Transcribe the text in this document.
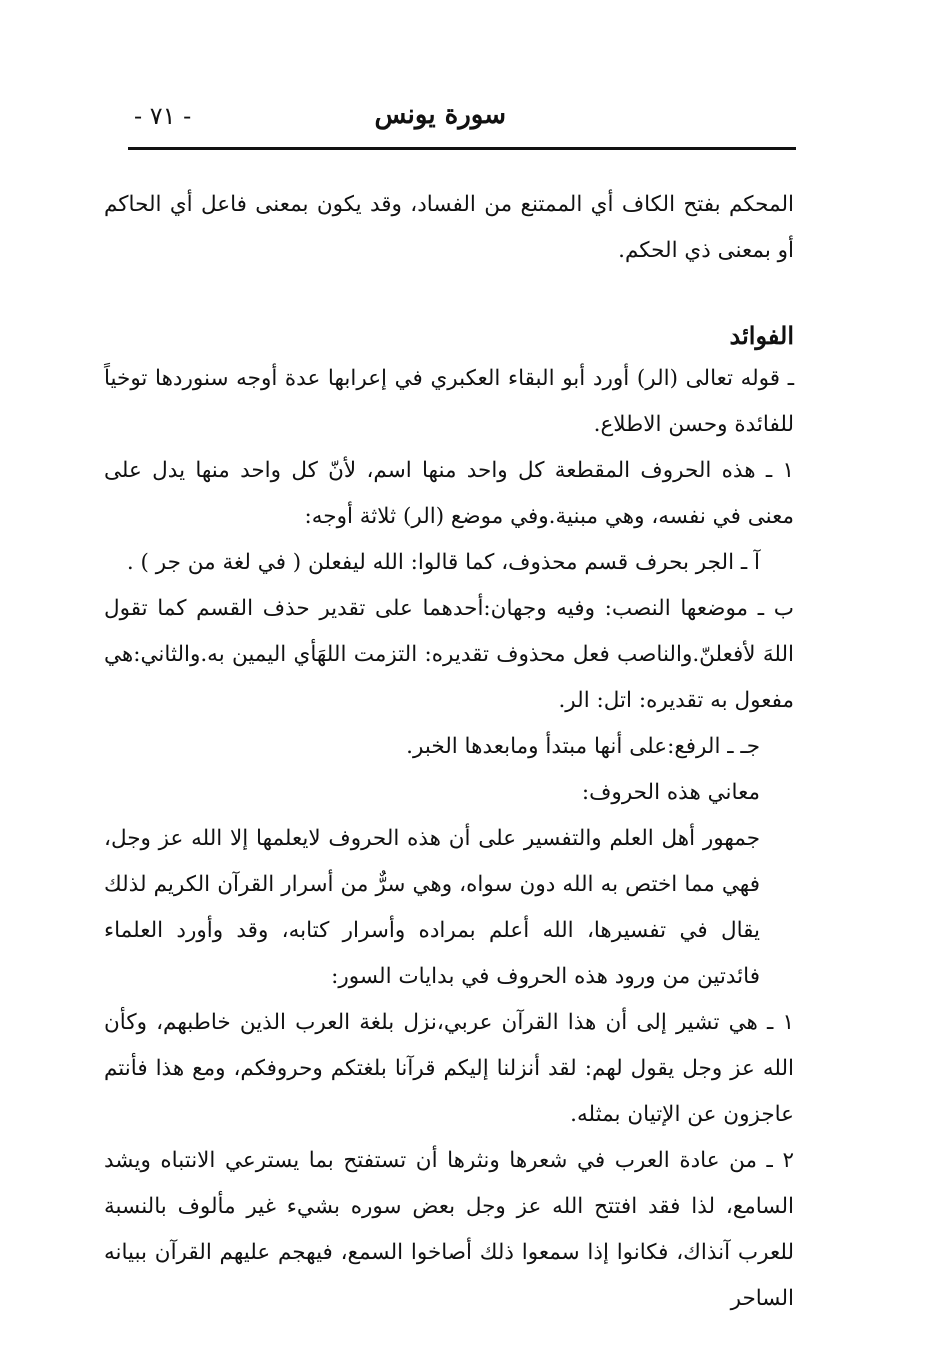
سورة يونس
- ٧١ -

المحكم بفتح الكاف أي الممتنع من الفساد، وقد يكون بمعنى فاعل أي الحاكم أو بمعنى ذي الحكم.

الفوائد

ـ قوله تعالى (الر) أورد أبو البقاء العكبري في إعرابها عدة أوجه سنوردها توخياً للفائدة وحسن الاطلاع.

١ ـ هذه الحروف المقطعة كل واحد منها اسم، لأنّ كل واحد منها يدل على معنى في نفسه، وهي مبنية.وفي موضع (الر) ثلاثة أوجه:

آ ـ الجر بحرف قسم محذوف، كما قالوا: الله ليفعلن ( في لغة من جر ) .

ب ـ موضعها النصب: وفيه وجهان:أحدهما على تقدير حذف القسم كما تقول اللهَ لأفعلنّ.والناصب فعل محذوف تقديره: التزمت اللهَأي اليمين به.والثاني:هي مفعول به تقديره: اتل: الر.

جـ ـ الرفع:على أنها مبتدأ ومابعدها الخبر.

معاني هذه الحروف:

جمهور أهل العلم والتفسير على أن هذه الحروف لايعلمها إلا الله عز وجل، فهي مما اختص به الله دون سواه، وهي سرٌّ من أسرار القرآن الكريم لذلك يقال في تفسيرها، الله أعلم بمراده وأسرار كتابه، وقد وأورد العلماء فائدتين من ورود هذه الحروف في بدايات السور:

١ ـ هي تشير إلى أن هذا القرآن عربي،نزل بلغة العرب الذين خاطبهم، وكأن الله عز وجل يقول لهم: لقد أنزلنا إليكم قرآنا بلغتكم وحروفكم، ومع هذا فأنتم عاجزون عن الإتيان بمثله.

٢ ـ من عادة العرب في شعرها ونثرها أن تستفتح بما يسترعي الانتباه ويشد السامع، لذا فقد افتتح الله عز وجل بعض سوره بشيء غير مألوف بالنسبة للعرب آنذاك، فكانوا إذا سمعوا ذلك أصاخوا السمع، فيهجم عليهم القرآن ببيانه الساحر
